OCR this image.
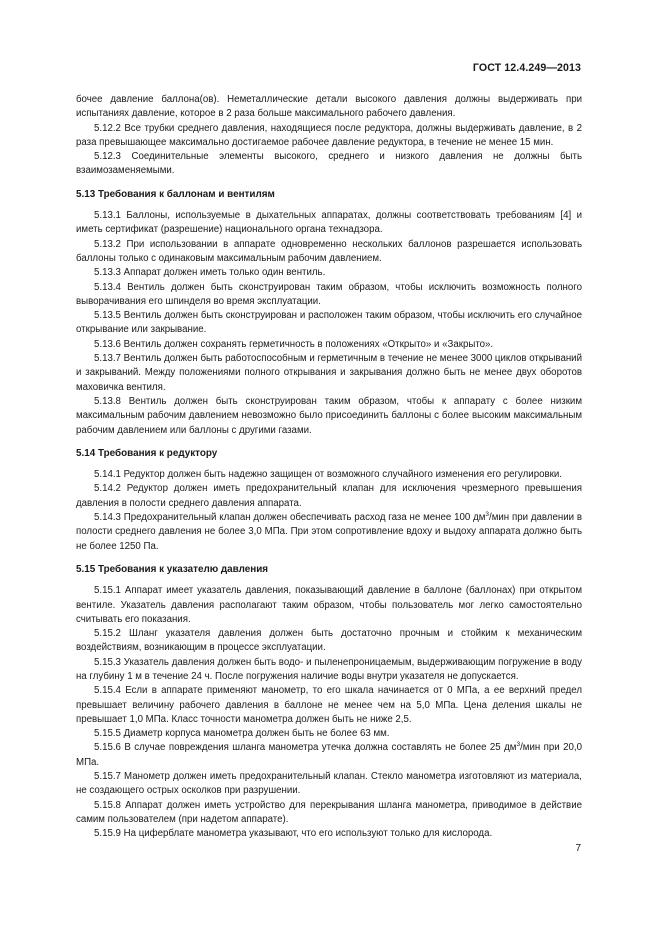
ГОСТ 12.4.249—2013

бочее давление баллона(ов). Неметаллические детали высокого давления должны выдерживать при испытаниях давление, которое в 2 раза больше максимального рабочего давления.

5.12.2 Все трубки среднего давления, находящиеся после редуктора, должны выдерживать давление, в 2 раза превышающее максимально достигаемое рабочее давление редуктора, в течение не менее 15 мин.

5.12.3 Соединительные элементы высокого, среднего и низкого давления не должны быть взаимозаменяемыми.

5.13 Требования к баллонам и вентилям

5.13.1 Баллоны, используемые в дыхательных аппаратах, должны соответствовать требованиям [4] и иметь сертификат (разрешение) национального органа технадзора.

5.13.2 При использовании в аппарате одновременно нескольких баллонов разрешается использовать баллоны только с одинаковым максимальным рабочим давлением.

5.13.3 Аппарат должен иметь только один вентиль.

5.13.4 Вентиль должен быть сконструирован таким образом, чтобы исключить возможность полного выворачивания его шпинделя во время эксплуатации.

5.13.5 Вентиль должен быть сконструирован и расположен таким образом, чтобы исключить его случайное открывание или закрывание.

5.13.6 Вентиль должен сохранять герметичность в положениях «Открыто» и «Закрыто».

5.13.7 Вентиль должен быть работоспособным и герметичным в течение не менее 3000 циклов открываний и закрываний. Между положениями полного открывания и закрывания должно быть не менее двух оборотов маховичка вентиля.

5.13.8 Вентиль должен быть сконструирован таким образом, чтобы к аппарату с более низким максимальным рабочим давлением невозможно было присоединить баллоны с более высоким максимальным рабочим давлением или баллоны с другими газами.

5.14 Требования к редуктору

5.14.1 Редуктор должен быть надежно защищен от возможного случайного изменения его регулировки.

5.14.2 Редуктор должен иметь предохранительный клапан для исключения чрезмерного превышения давления в полости среднего давления аппарата.

5.14.3 Предохранительный клапан должен обеспечивать расход газа не менее 100 $дм^3$/мин при давлении в полости среднего давления не более 3,0 МПа. При этом сопротивление вдоху и выдоху аппарата должно быть не более 1250 Па.

5.15 Требования к указателю давления

5.15.1 Аппарат имеет указатель давления, показывающий давление в баллоне (баллонах) при открытом вентиле. Указатель давления располагают таким образом, чтобы пользователь мог легко самостоятельно считывать его показания.

5.15.2 Шланг указателя давления должен быть достаточно прочным и стойким к механическим воздействиям, возникающим в процессе эксплуатации.

5.15.3 Указатель давления должен быть водо- и пыленепроницаемым, выдерживающим погружение в воду на глубину 1 м в течение 24 ч. После погружения наличие воды внутри указателя не допускается.

5.15.4 Если в аппарате применяют манометр, то его шкала начинается от 0 МПа, а ее верхний предел превышает величину рабочего давления в баллоне не менее чем на 5,0 МПа. Цена деления шкалы не превышает 1,0 МПа. Класс точности манометра должен быть не ниже 2,5.

5.15.5 Диаметр корпуса манометра должен быть не более 63 мм.

5.15.6 В случае повреждения шланга манометра утечка должна составлять не более 25 $дм^3$/мин при 20,0 МПа.

5.15.7 Манометр должен иметь предохранительный клапан. Стекло манометра изготовляют из материала, не создающего острых осколков при разрушении.

5.15.8 Аппарат должен иметь устройство для перекрывания шланга манометра, приводимое в действие самим пользователем (при надетом аппарате).

5.15.9 На циферблате манометра указывают, что его используют только для кислорода.

7
